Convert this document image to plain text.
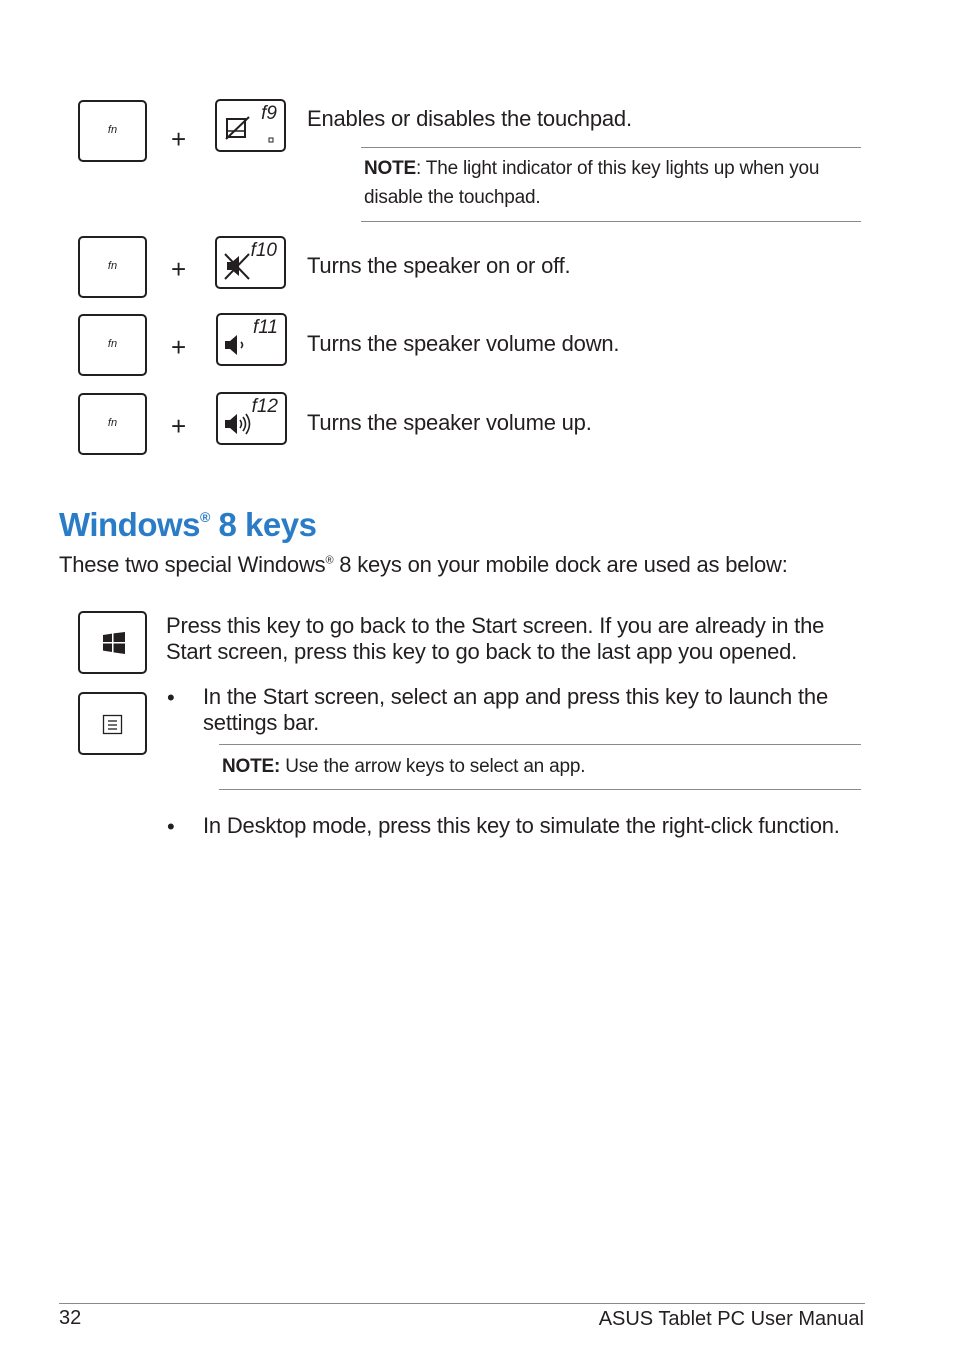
fn	+
f9 Enables or disables the touchpad.
NOTE: The light indicator of this key lights up when you disable the touchpad.
fn	+
f10
Turns the speaker on or off.
fn	+
f11
Turns the speaker volume down.
fn	+
f12
Turns the speaker volume up.
Windows® 8 keys
These two special Windows® 8 keys on your mobile dock are used as below:
Press this key to go back to the Start screen. If you are already in the Start screen, press this key to go back to the last app you opened.
• In the Start screen, select an app and press this key to launch the settings bar.
NOTE: Use the arrow keys to select an app.
• In Desktop mode, press this key to simulate the right-click function.
32	ASUS Tablet PC User Manual
